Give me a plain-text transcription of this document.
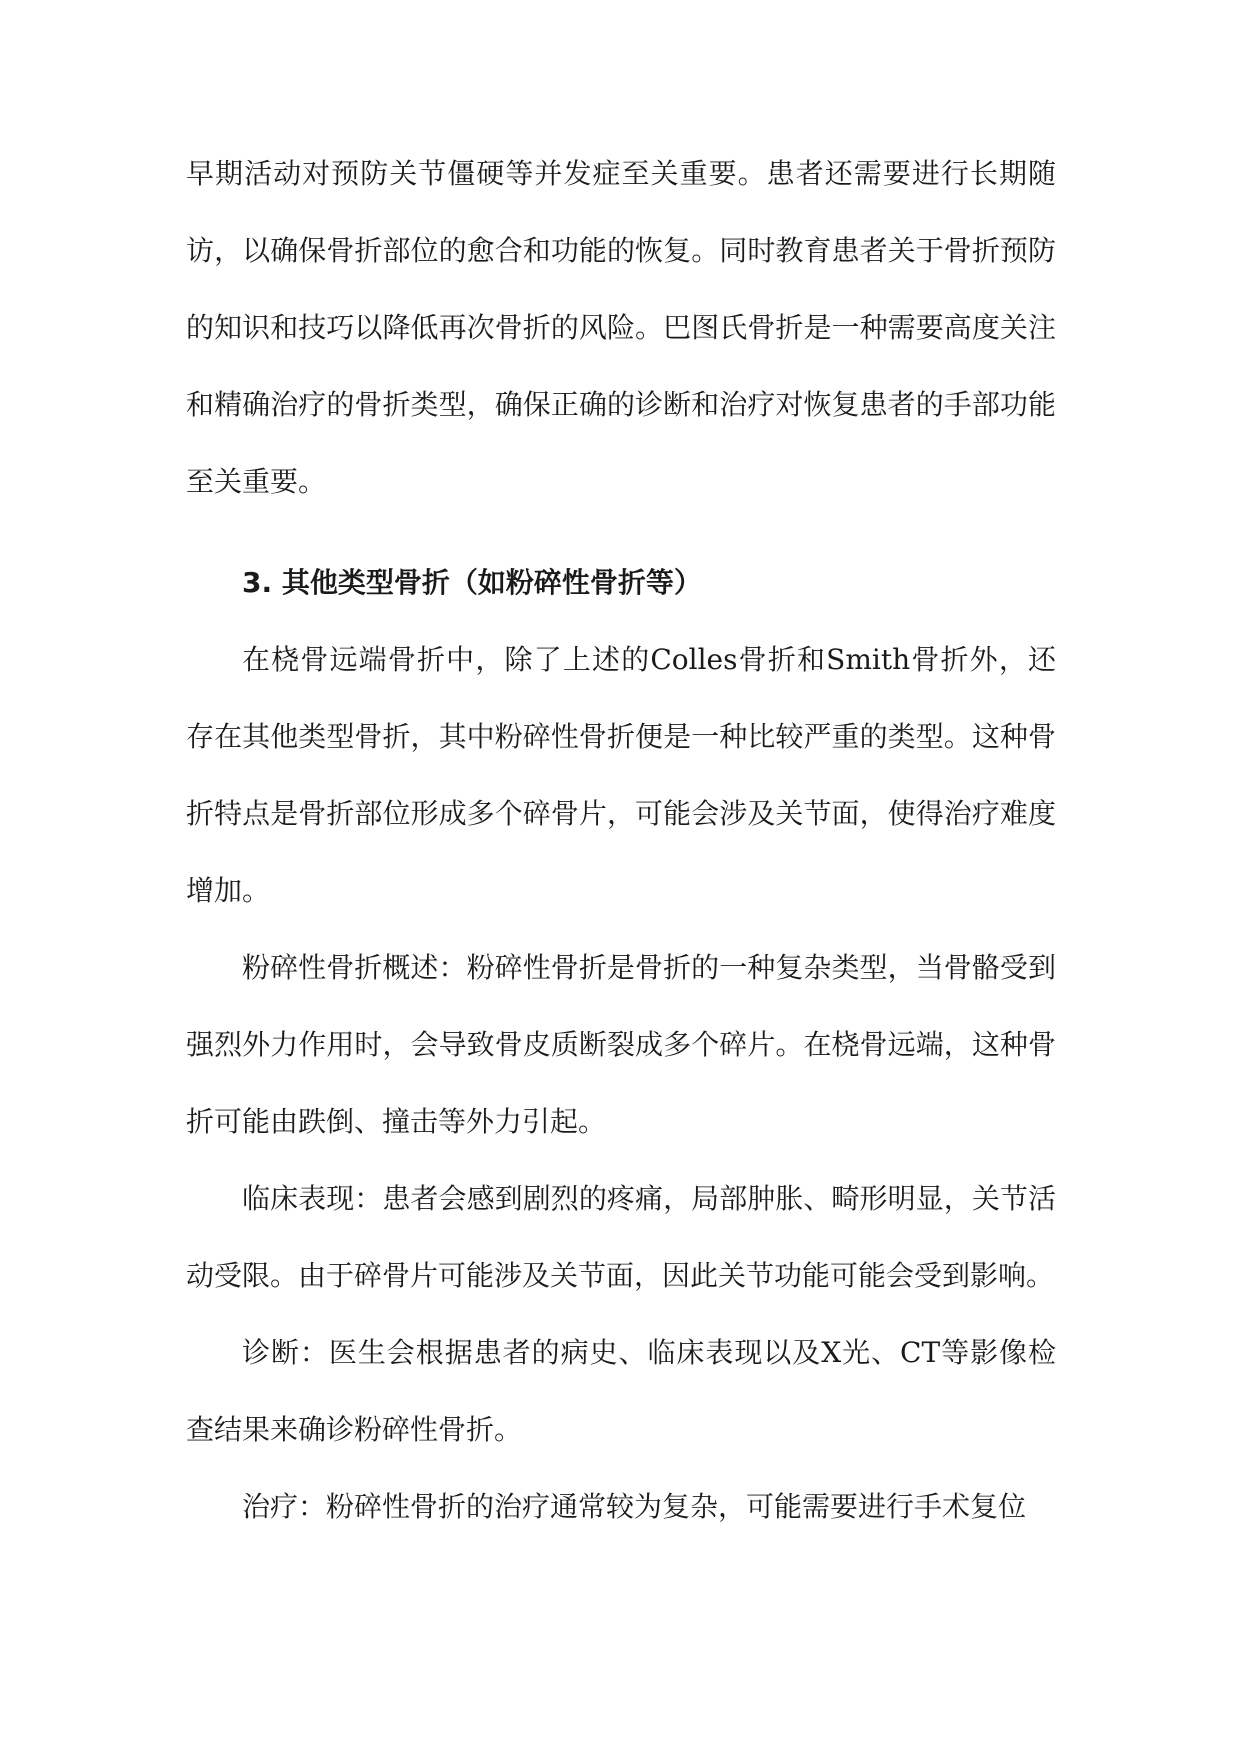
早期活动对预防关节僵硬等并发症至关重要。患者还需要进行长期随访，以确保骨折部位的愈合和功能的恢复。同时教育患者关于骨折预防的知识和技巧以降低再次骨折的风险。巴图氏骨折是一种需要高度关注和精确治疗的骨折类型，确保正确的诊断和治疗对恢复患者的手部功能至关重要。

3. 其他类型骨折（如粉碎性骨折等）

在桡骨远端骨折中，除了上述的Colles骨折和Smith骨折外，还存在其他类型骨折，其中粉碎性骨折便是一种比较严重的类型。这种骨折特点是骨折部位形成多个碎骨片，可能会涉及关节面，使得治疗难度增加。

粉碎性骨折概述：粉碎性骨折是骨折的一种复杂类型，当骨骼受到强烈外力作用时，会导致骨皮质断裂成多个碎片。在桡骨远端，这种骨折可能由跌倒、撞击等外力引起。

临床表现：患者会感到剧烈的疼痛，局部肿胀、畸形明显，关节活动受限。由于碎骨片可能涉及关节面，因此关节功能可能会受到影响。

诊断：医生会根据患者的病史、临床表现以及X光、CT等影像检查结果来确诊粉碎性骨折。

治疗：粉碎性骨折的治疗通常较为复杂，可能需要进行手术复位
